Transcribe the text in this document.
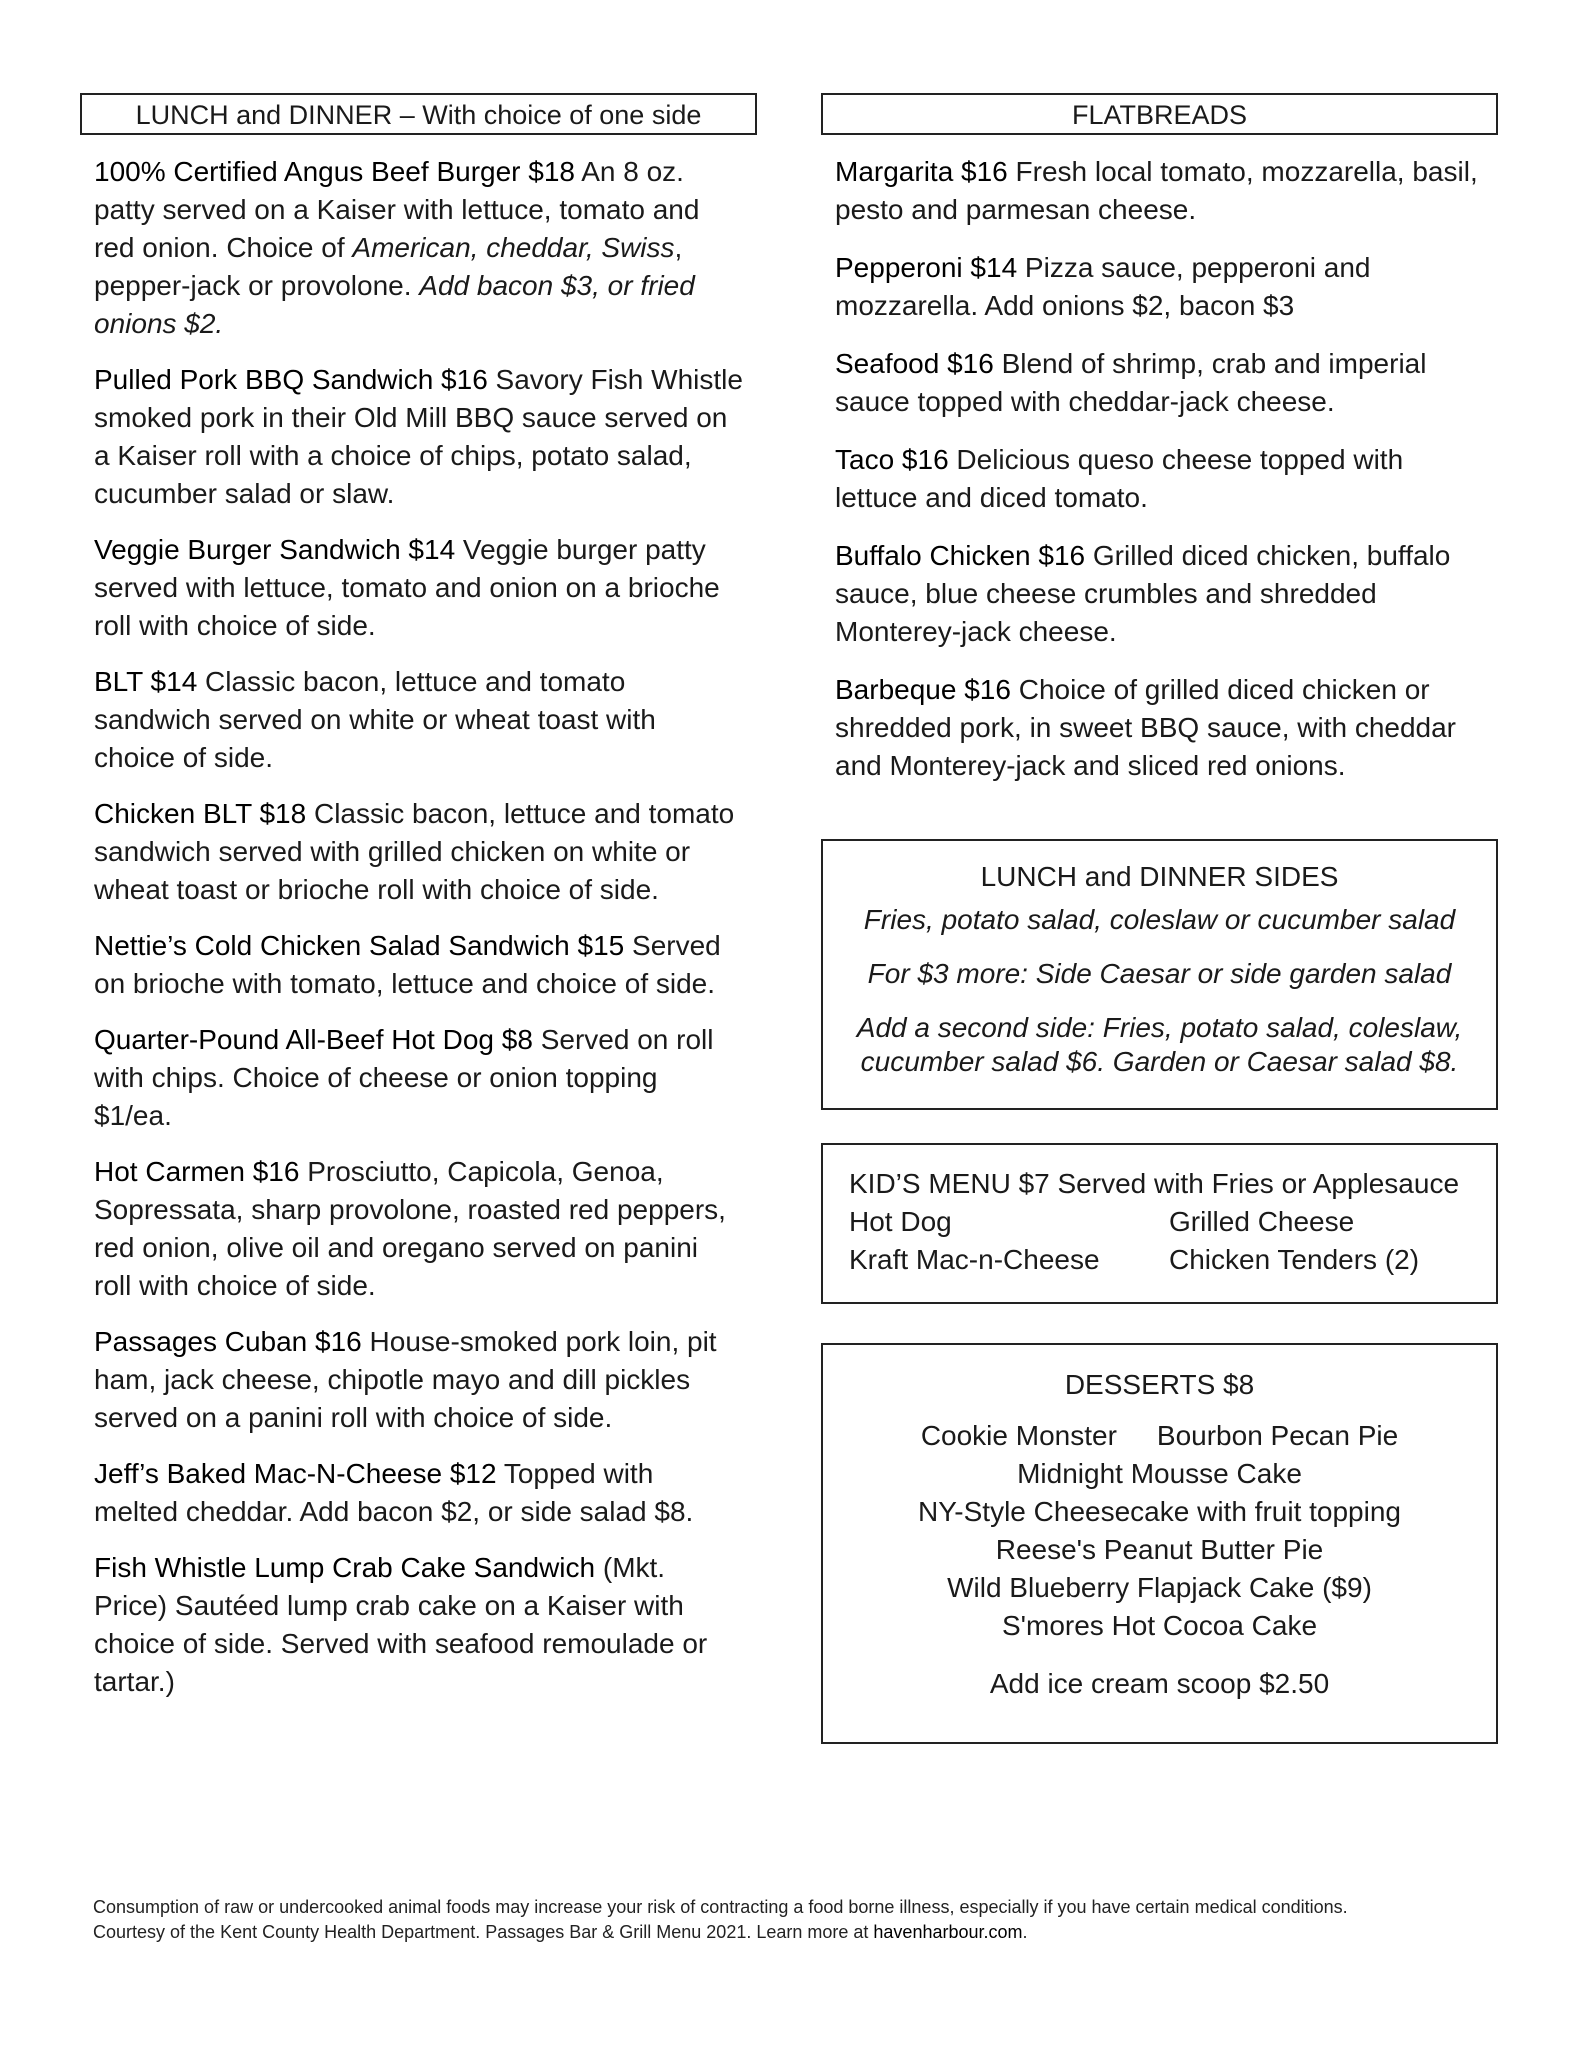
LUNCH and DINNER – With choice of one side

100% Certified Angus Beef Burger $18 An 8 oz. patty served on a Kaiser with lettuce, tomato and red onion. Choice of American, cheddar, Swiss, pepper-jack or provolone. Add bacon $3, or fried onions $2.

Pulled Pork BBQ Sandwich $16 Savory Fish Whistle smoked pork in their Old Mill BBQ sauce served on a Kaiser roll with a choice of chips, potato salad, cucumber salad or slaw.

Veggie Burger Sandwich $14 Veggie burger patty served with lettuce, tomato and onion on a brioche roll with choice of side.

BLT $14 Classic bacon, lettuce and tomato sandwich served on white or wheat toast with choice of side.

Chicken BLT $18 Classic bacon, lettuce and tomato sandwich served with grilled chicken on white or wheat toast or brioche roll with choice of side.

Nettie’s Cold Chicken Salad Sandwich $15 Served on brioche with tomato, lettuce and choice of side.

Quarter-Pound All-Beef Hot Dog $8 Served on roll with chips. Choice of cheese or onion topping $1/ea.

Hot Carmen $16 Prosciutto, Capicola, Genoa, Sopressata, sharp provolone, roasted red peppers, red onion, olive oil and oregano served on panini roll with choice of side.

Passages Cuban $16 House-smoked pork loin, pit ham, jack cheese, chipotle mayo and dill pickles served on a panini roll with choice of side.

Jeff’s Baked Mac-N-Cheese $12 Topped with melted cheddar. Add bacon $2, or side salad $8.

Fish Whistle Lump Crab Cake Sandwich (Mkt. Price) Sautéed lump crab cake on a Kaiser with choice of side. Served with seafood remoulade or tartar.)

FLATBREADS

Margarita $16 Fresh local tomato, mozzarella, basil, pesto and parmesan cheese.

Pepperoni $14 Pizza sauce, pepperoni and mozzarella. Add onions $2, bacon $3

Seafood $16 Blend of shrimp, crab and imperial sauce topped with cheddar-jack cheese.

Taco $16 Delicious queso cheese topped with lettuce and diced tomato.

Buffalo Chicken $16 Grilled diced chicken, buffalo sauce, blue cheese crumbles and shredded Monterey-jack cheese.

Barbeque $16 Choice of grilled diced chicken or shredded pork, in sweet BBQ sauce, with cheddar and Monterey-jack and sliced red onions.

LUNCH and DINNER SIDES

Fries, potato salad, coleslaw or cucumber salad

For $3 more: Side Caesar or side garden salad

Add a second side: Fries, potato salad, coleslaw, cucumber salad $6. Garden or Caesar salad $8.

KID’S MENU $7 Served with Fries or Applesauce

Hot Dog	Grilled Cheese
Kraft Mac-n-Cheese	Chicken Tenders (2)

DESSERTS $8

Cookie Monster Bourbon Pecan Pie

Midnight Mousse Cake

NY-Style Cheesecake with fruit topping

Reese's Peanut Butter Pie

Wild Blueberry Flapjack Cake ($9)

S'mores Hot Cocoa Cake

Add ice cream scoop $2.50

Consumption of raw or undercooked animal foods may increase your risk of contracting a food borne illness, especially if you have certain medical conditions.
Courtesy of the Kent County Health Department. Passages Bar & Grill Menu 2021. Learn more at havenharbour.com.
